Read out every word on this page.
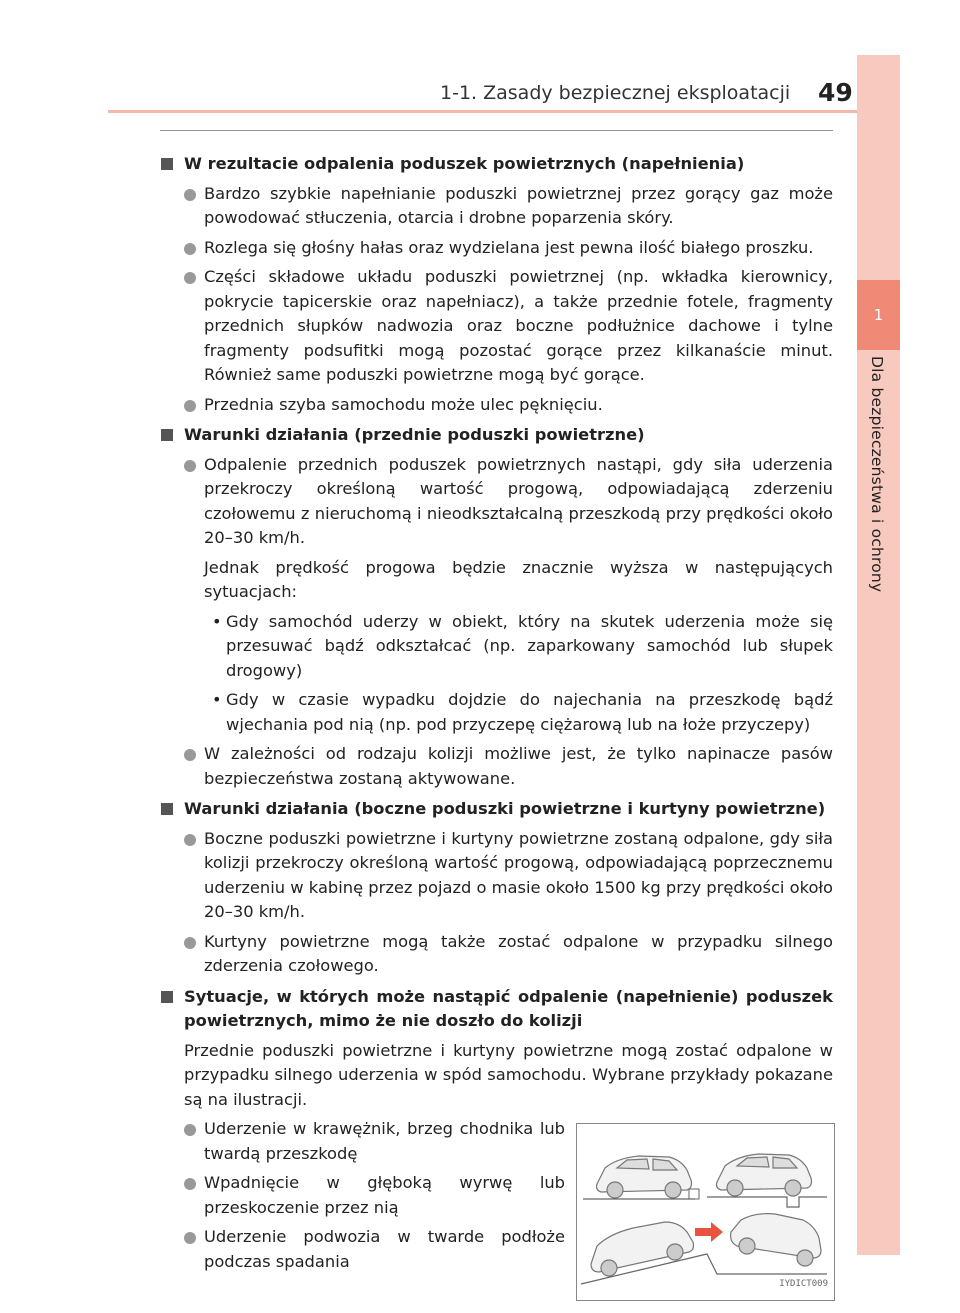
1-1. Zasady bezpiecznej eksploatacji 49
1
Dla bezpieczeństwa i ochrony
W rezultacie odpalenia poduszek powietrznych (napełnienia)
Bardzo szybkie napełnianie poduszki powietrznej przez gorący gaz może powodować stłuczenia, otarcia i drobne poparzenia skóry.
Rozlega się głośny hałas oraz wydzielana jest pewna ilość białego proszku.
Części składowe układu poduszki powietrznej (np. wkładka kierownicy, pokrycie tapicerskie oraz napełniacz), a także przednie fotele, fragmenty przednich słupków nadwozia oraz boczne podłużnice dachowe i tylne fragmenty podsufitki mogą pozostać gorące przez kilkanaście minut. Również same poduszki powietrzne mogą być gorące.
Przednia szyba samochodu może ulec pęknięciu.
Warunki działania (przednie poduszki powietrzne)
Odpalenie przednich poduszek powietrznych nastąpi, gdy siła uderzenia przekroczy określoną wartość progową, odpowiadającą zderzeniu czołowemu z nieruchomą i nieodkształcalną przeszkodą przy prędkości około 20–30 km/h.
Jednak prędkość progowa będzie znacznie wyższa w następujących sytuacjach:
• Gdy samochód uderzy w obiekt, który na skutek uderzenia może się przesuwać bądź odkształcać (np. zaparkowany samochód lub słupek drogowy)
• Gdy w czasie wypadku dojdzie do najechania na przeszkodę bądź wjechania pod nią (np. pod przyczepę ciężarową lub na łoże przyczepy)
W zależności od rodzaju kolizji możliwe jest, że tylko napinacze pasów bezpieczeństwa zostaną aktywowane.
Warunki działania (boczne poduszki powietrzne i kurtyny powietrzne)
Boczne poduszki powietrzne i kurtyny powietrzne zostaną odpalone, gdy siła kolizji przekroczy określoną wartość progową, odpowiadającą poprzecznemu uderzeniu w kabinę przez pojazd o masie około 1500 kg przy prędkości około 20–30 km/h.
Kurtyny powietrzne mogą także zostać odpalone w przypadku silnego zderzenia czołowego.
Sytuacje, w których może nastąpić odpalenie (napełnienie) poduszek powietrznych, mimo że nie doszło do kolizji
Przednie poduszki powietrzne i kurtyny powietrzne mogą zostać odpalone w przypadku silnego uderzenia w spód samochodu. Wybrane przykłady pokazane są na ilustracji.
Uderzenie w krawężnik, brzeg chodnika lub twardą przeszkodę
Wpadnięcie w głęboką wyrwę lub przeskoczenie przez nią
Uderzenie podwozia w twarde podłoże podczas spadania
IYDICT009
